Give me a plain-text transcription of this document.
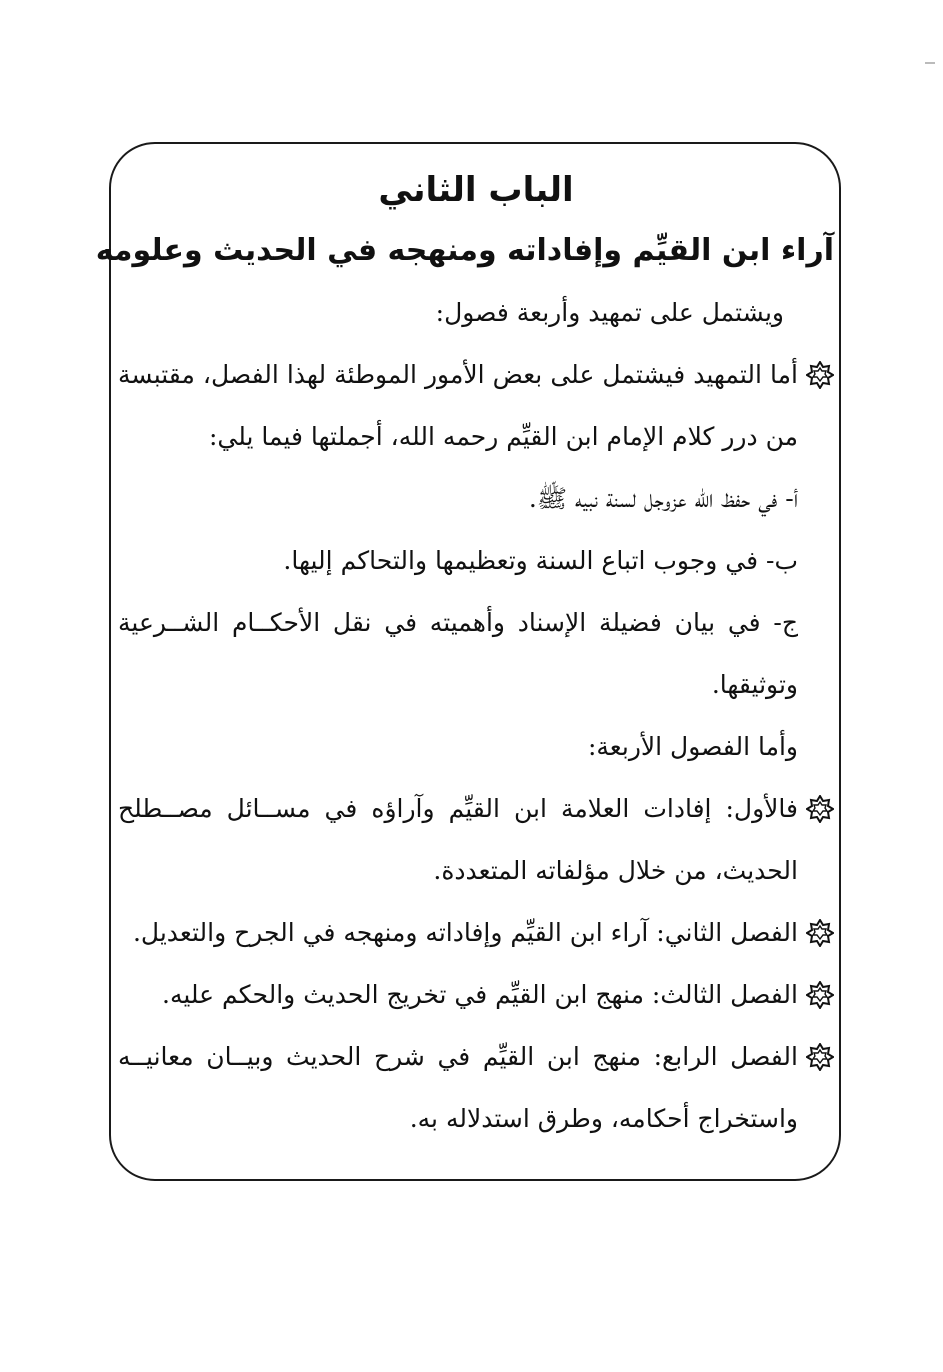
الباب الثاني
آراء ابن القيِّم وإفاداته ومنهجه في الحديث وعلومه

ويشتمل على تمهيد وأربعة فصول:

أما التمهيد فيشتمل على بعض الأمور الموطئة لهذا الفصل، مقتبسة
من درر كلام الإمام ابن القيِّم رحمه الله، أجملتها فيما يلي:
أ- في حفظ الله عزوجل لسنة نبيه ﷺ.
ب- في وجوب اتباع السنة وتعظيمها والتحاكم إليها.
ج- في بيان فضيلة الإسناد وأهميته في نقل الأحكــام الشــرعية
وتوثيقها.
وأما الفصول الأربعة:
فالأول: إفادات العلامة ابن القيِّم وآراؤه في مســائل مصــطلح
الحديث، من خلال مؤلفاته المتعددة.
الفصل الثاني: آراء ابن القيِّم وإفاداته ومنهجه في الجرح والتعديل.
الفصل الثالث: منهج ابن القيِّم في تخريج الحديث والحكم عليه.
الفصل الرابع: منهج ابن القيِّم في شرح الحديث وبيــان معانيــه
واستخراج أحكامه، وطرق استدلاله به.
